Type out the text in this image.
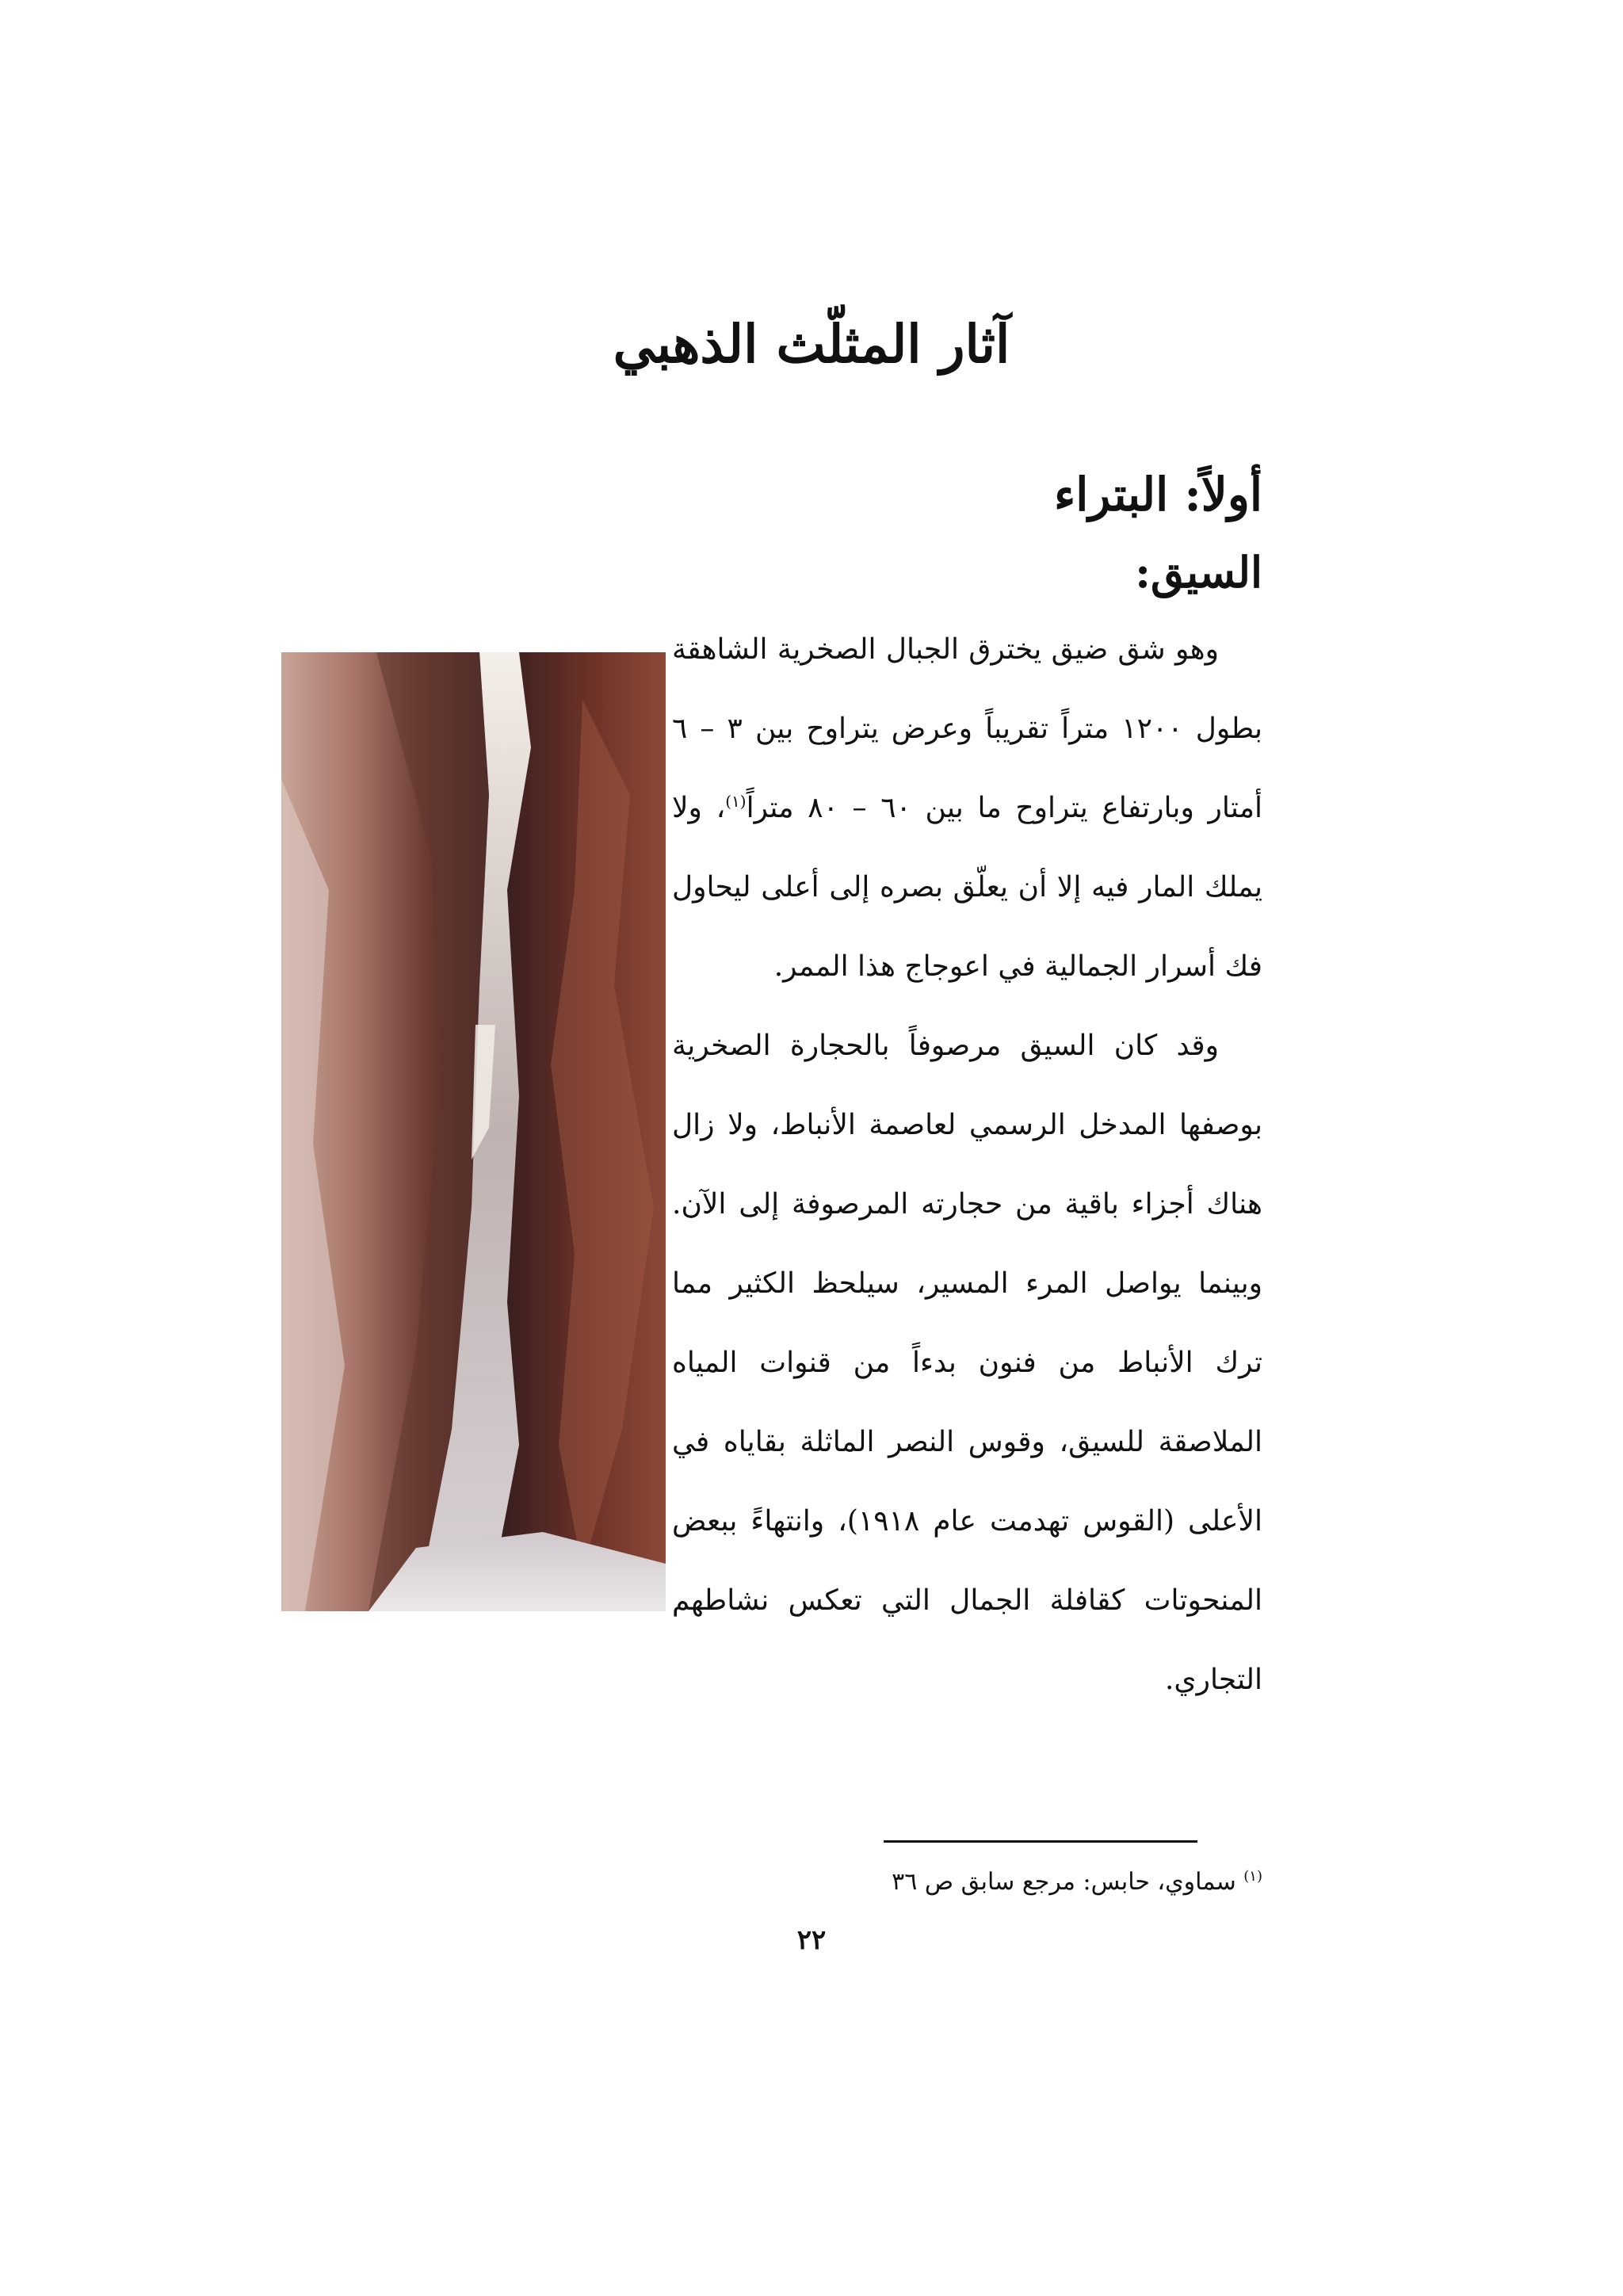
آثار المثلّث الذهبي
أولاً: البتراء
السيق:

وهو شق ضيق يخترق الجبال الصخرية الشاهقة بطول ١٢٠٠ متراً تقريباً وعرض يتراوح بين ٣ – ٦ أمتار وبارتفاع يتراوح ما بين ٦٠ – ٨٠ متراً$^{(١)}$، ولا يملك المار فيه إلا أن يعلّق بصره إلى أعلى ليحاول فك أسرار الجمالية في اعوجاج هذا الممر.

وقد كان السيق مرصوفاً بالحجارة الصخرية بوصفها المدخل الرسمي لعاصمة الأنباط، ولا زال هناك أجزاء باقية من حجارته المرصوفة إلى الآن. وبينما يواصل المرء المسير، سيلحظ الكثير مما ترك الأنباط من فنون بدءاً من قنوات المياه الملاصقة للسيق، وقوس النصر الماثلة بقاياه في الأعلى (القوس تهدمت عام ١٩١٨)، وانتهاءً ببعض المنحوتات كقافلة الجمال التي تعكس نشاطهم التجاري.

$^{(١)}$ سماوي، حابس: مرجع سابق ص ٣٦
٢٢
